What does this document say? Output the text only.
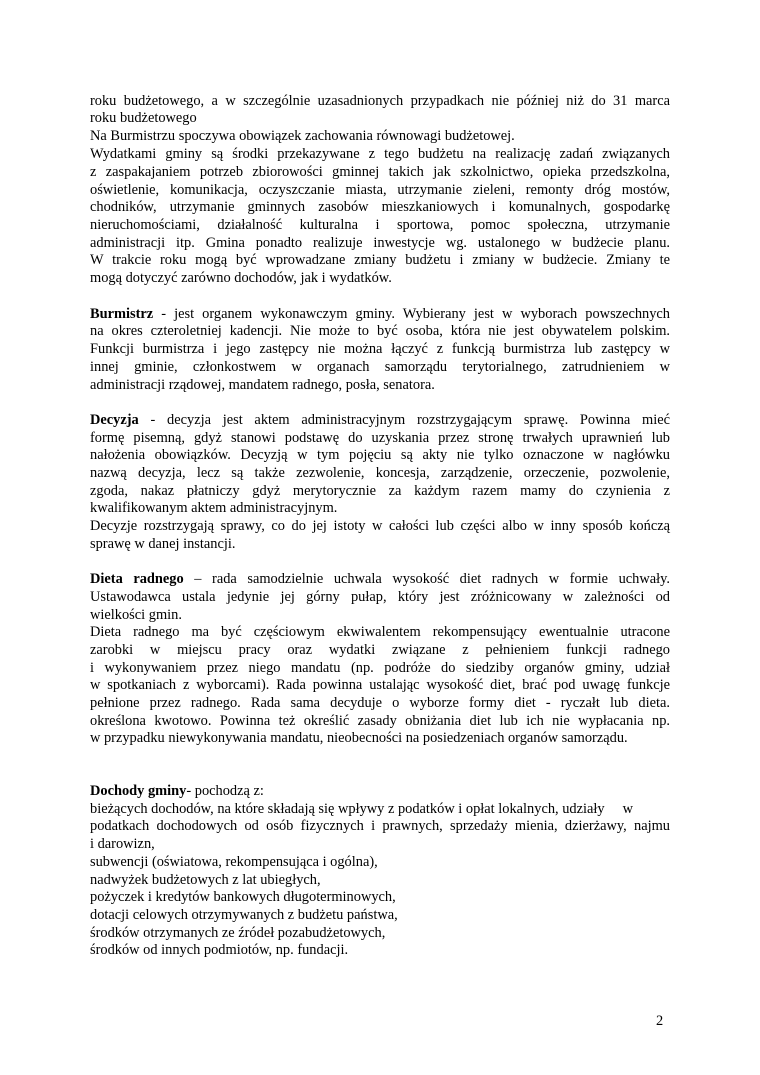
roku budżetowego, a w szczególnie uzasadnionych przypadkach nie później niż do 31 marca
roku budżetowego
Na Burmistrzu spoczywa obowiązek zachowania równowagi budżetowej.
Wydatkami gminy są środki przekazywane z tego budżetu na realizację zadań związanych
z zaspakajaniem potrzeb zbiorowości gminnej takich jak szkolnictwo, opieka przedszkolna,
oświetlenie, komunikacja, oczyszczanie miasta, utrzymanie zieleni, remonty dróg mostów,
chodników, utrzymanie gminnych zasobów mieszkaniowych i komunalnych, gospodarkę
nieruchomościami, działalność kulturalna i sportowa, pomoc społeczna, utrzymanie
administracji itp. Gmina ponadto realizuje inwestycje wg. ustalonego w budżecie planu.
W trakcie roku mogą być wprowadzane zmiany budżetu i zmiany w budżecie. Zmiany te
mogą dotyczyć zarówno dochodów, jak i wydatków.
Burmistrz - jest organem wykonawczym gminy. Wybierany jest w wyborach powszechnych
na okres czteroletniej kadencji. Nie może to być osoba, która nie jest obywatelem polskim.
Funkcji burmistrza i jego zastępcy nie można łączyć z funkcją burmistrza lub zastępcy w
innej gminie, członkostwem w organach samorządu terytorialnego, zatrudnieniem w
administracji rządowej, mandatem radnego, posła, senatora.
Decyzja - decyzja jest aktem administracyjnym rozstrzygającym sprawę. Powinna mieć
formę pisemną, gdyż stanowi podstawę do uzyskania przez stronę trwałych uprawnień lub
nałożenia obowiązków. Decyzją w tym pojęciu są akty nie tylko oznaczone w nagłówku
nazwą decyzja, lecz są także zezwolenie, koncesja, zarządzenie, orzeczenie, pozwolenie,
zgoda, nakaz płatniczy gdyż merytorycznie za każdym razem mamy do czynienia z
kwalifikowanym aktem administracyjnym.
Decyzje rozstrzygają sprawy, co do jej istoty w całości lub części albo w inny sposób kończą
sprawę w danej instancji.
Dieta radnego – rada samodzielnie uchwala wysokość diet radnych w formie uchwały.
Ustawodawca ustala jedynie jej górny pułap, który jest zróżnicowany w zależności od
wielkości gmin.
Dieta radnego ma być częściowym ekwiwalentem rekompensujący ewentualnie utracone
zarobki w miejscu pracy oraz wydatki związane z pełnieniem funkcji radnego
i wykonywaniem przez niego mandatu (np. podróże do siedziby organów gminy, udział
w spotkaniach z wyborcami). Rada powinna ustalając wysokość diet, brać pod uwagę funkcje
pełnione przez radnego. Rada sama decyduje o wyborze formy diet - ryczałt lub dieta.
określona kwotowo. Powinna też określić zasady obniżania diet lub ich nie wypłacania np.
w przypadku niewykonywania mandatu, nieobecności na posiedzeniach organów samorządu.
Dochody gminy- pochodzą z:
bieżących dochodów, na które składają się wpływy z podatków i opłat lokalnych, udziały     w
podatkach dochodowych od osób fizycznych i prawnych, sprzedaży mienia, dzierżawy, najmu
i darowizn,
subwencji (oświatowa, rekompensująca i ogólna),
nadwyżek budżetowych z lat ubiegłych,
pożyczek i kredytów bankowych długoterminowych,
dotacji celowych otrzymywanych z budżetu państwa,
środków otrzymanych ze źródeł pozabudżetowych,
środków od innych podmiotów, np. fundacji.
2
